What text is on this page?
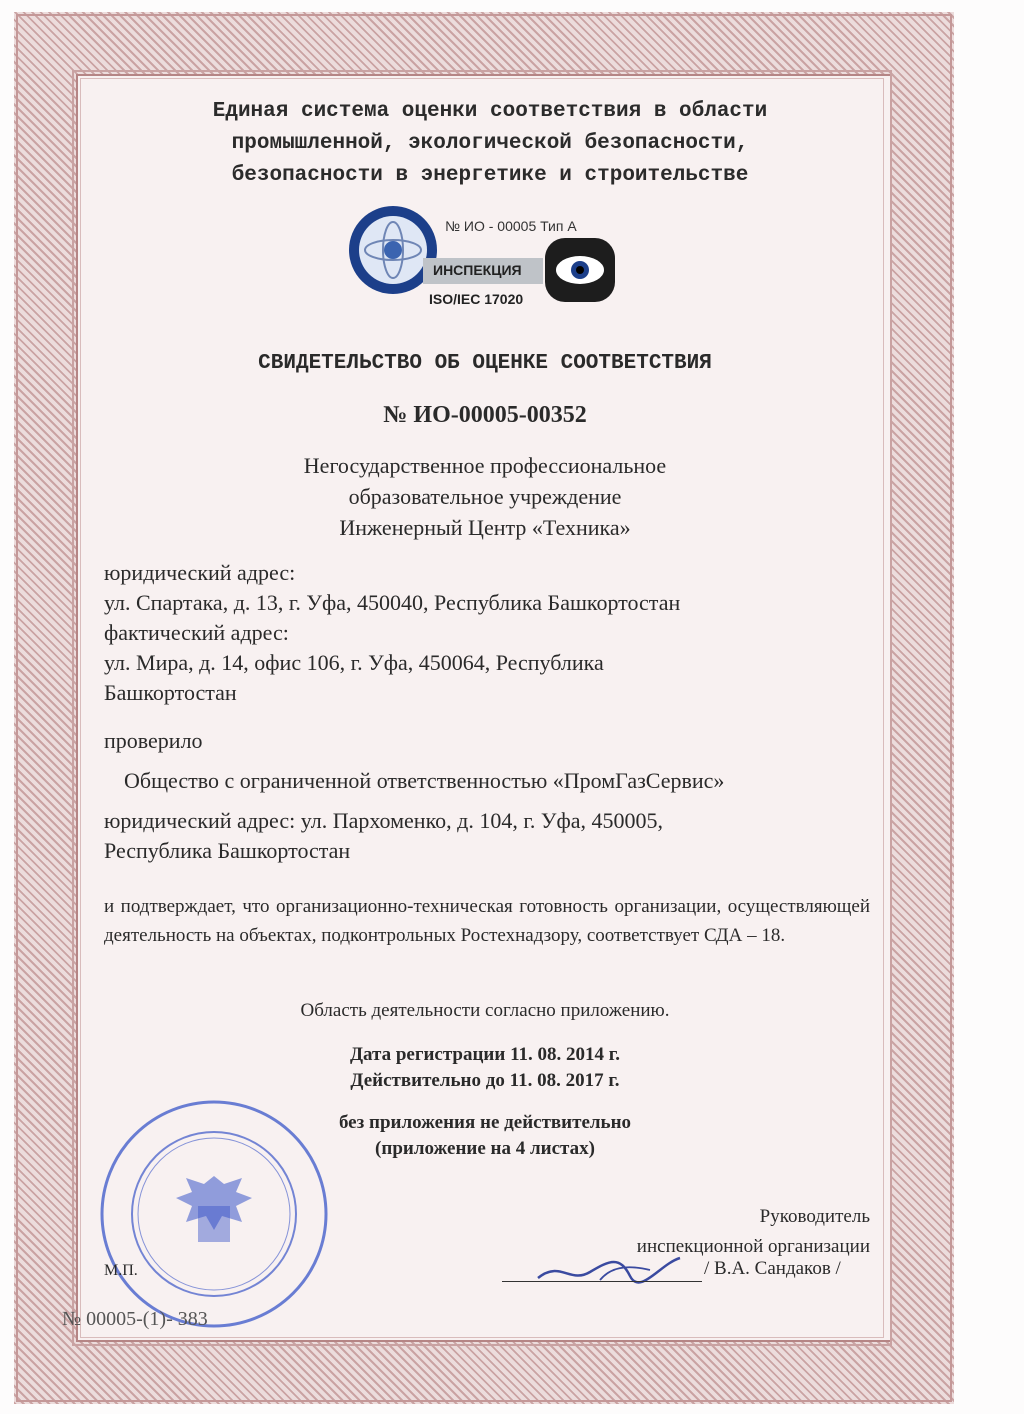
Единая система оценки соответствия в области
промышленной, экологической безопасности,
безопасности в энергетике и строительстве
№ ИО - 00005 Тип А
ИНСПЕКЦИЯ
ISO/IEC 17020
СВИДЕТЕЛЬСТВО ОБ ОЦЕНКЕ СООТВЕТСТВИЯ
№ ИО-00005-00352
Негосударственное профессиональное
образовательное учреждение
Инженерный Центр «Техника»
юридический адрес:
ул. Спартака, д. 13, г. Уфа, 450040, Республика Башкортостан
фактический адрес:
ул. Мира, д. 14, офис 106, г. Уфа, 450064, Республика
Башкортостан
проверило
Общество с ограниченной ответственностью «ПромГазСервис»
юридический адрес: ул. Пархоменко, д. 104, г. Уфа, 450005,
Республика Башкортостан
и подтверждает, что организационно-техническая готовность организации, осуществляющей деятельность на объектах, подконтрольных Ростехнадзору, соответствует СДА – 18.
Область деятельности согласно приложению.
Дата регистрации 11. 08. 2014 г.
Действительно до 11. 08. 2017 г.
без приложения не действительно
(приложение на 4 листах)
Руководитель
инспекционной организации
/ В.А. Сандаков /
М.П.
№ 00005-(1)- 383
